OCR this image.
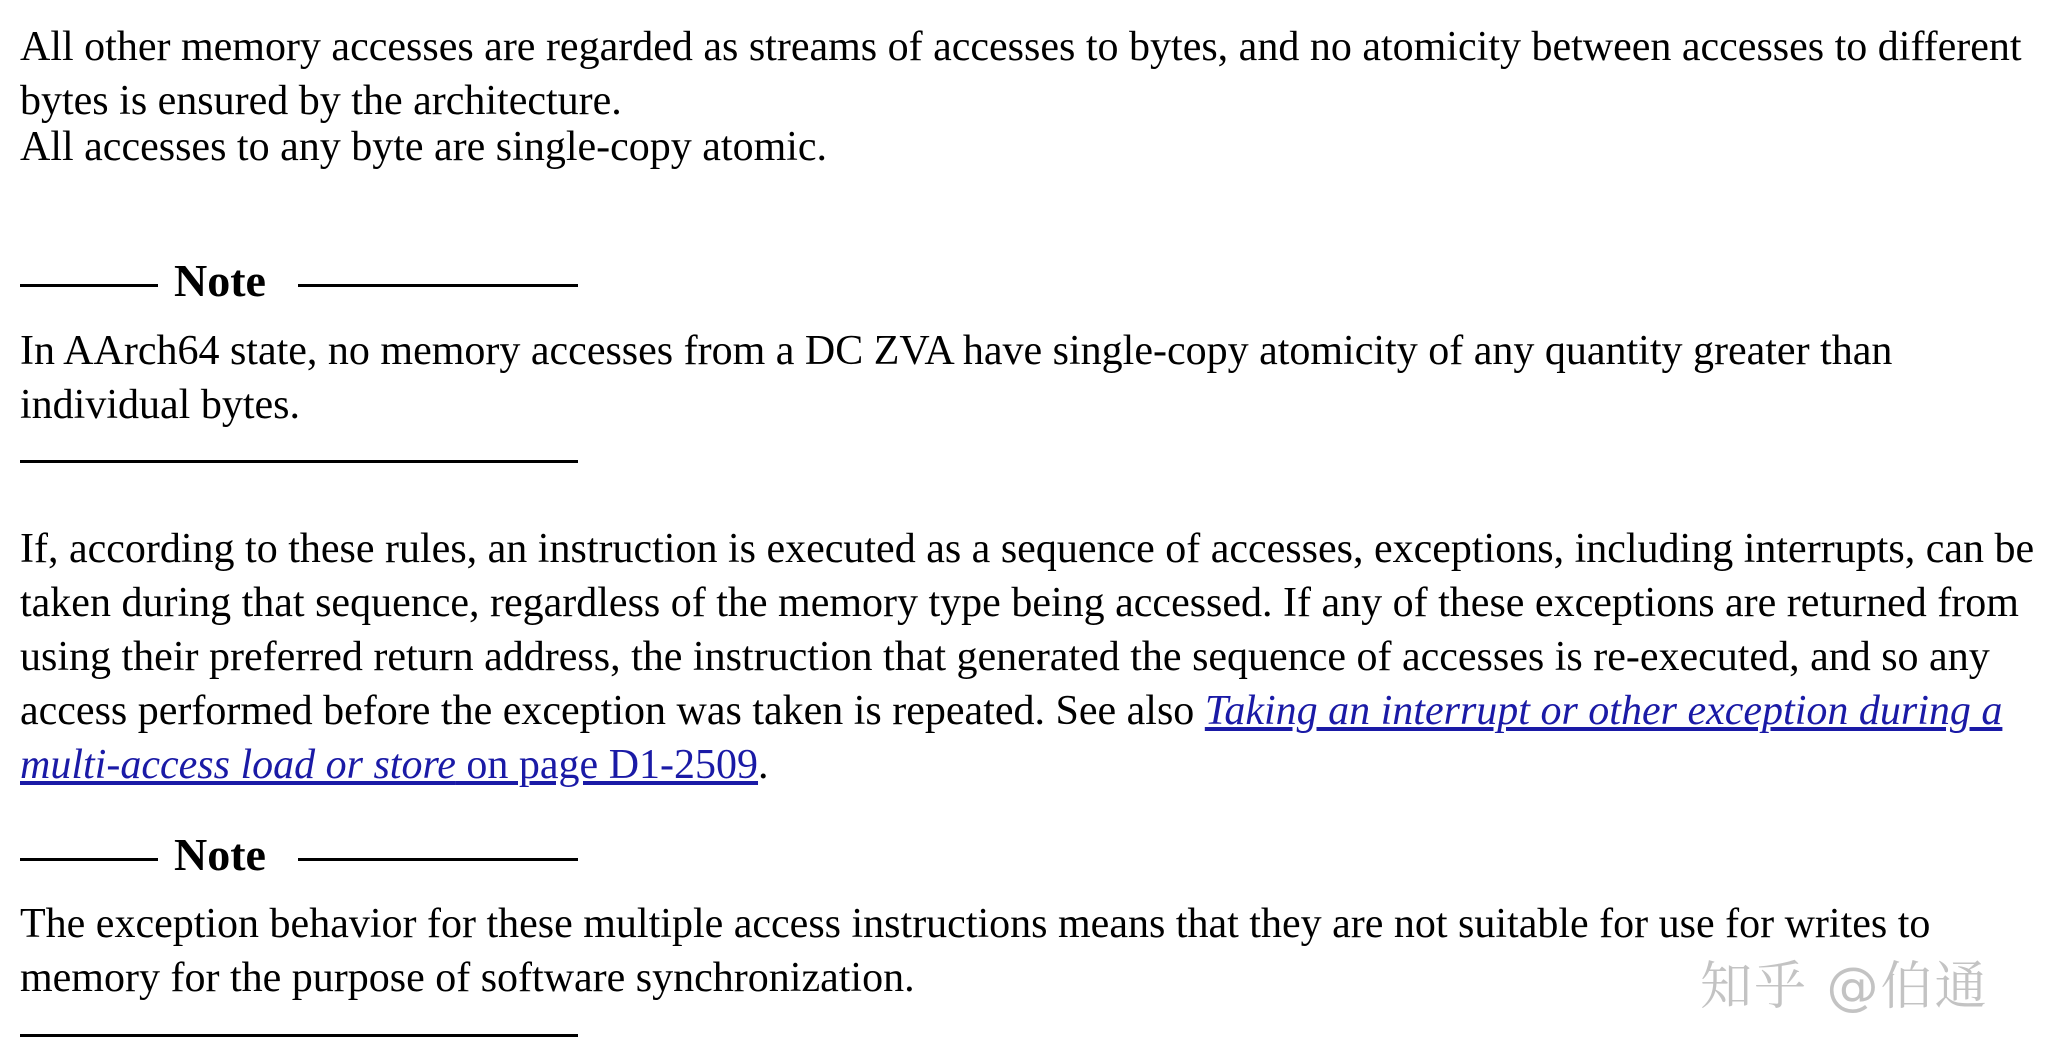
All other memory accesses are regarded as streams of accesses to bytes, and no atomicity between accesses to different bytes is ensured by the architecture.

All accesses to any byte are single-copy atomic.

Note

In AArch64 state, no memory accesses from a DC ZVA have single-copy atomicity of any quantity greater than individual bytes.

If, according to these rules, an instruction is executed as a sequence of accesses, exceptions, including interrupts, can be taken during that sequence, regardless of the memory type being accessed. If any of these exceptions are returned from using their preferred return address, the instruction that generated the sequence of accesses is re-executed, and so any access performed before the exception was taken is repeated. See also Taking an interrupt or other exception during a multi-access load or store on page D1-2509.

Note

The exception behavior for these multiple access instructions means that they are not suitable for use for writes to memory for the purpose of software synchronization.	知乎 @伯通
